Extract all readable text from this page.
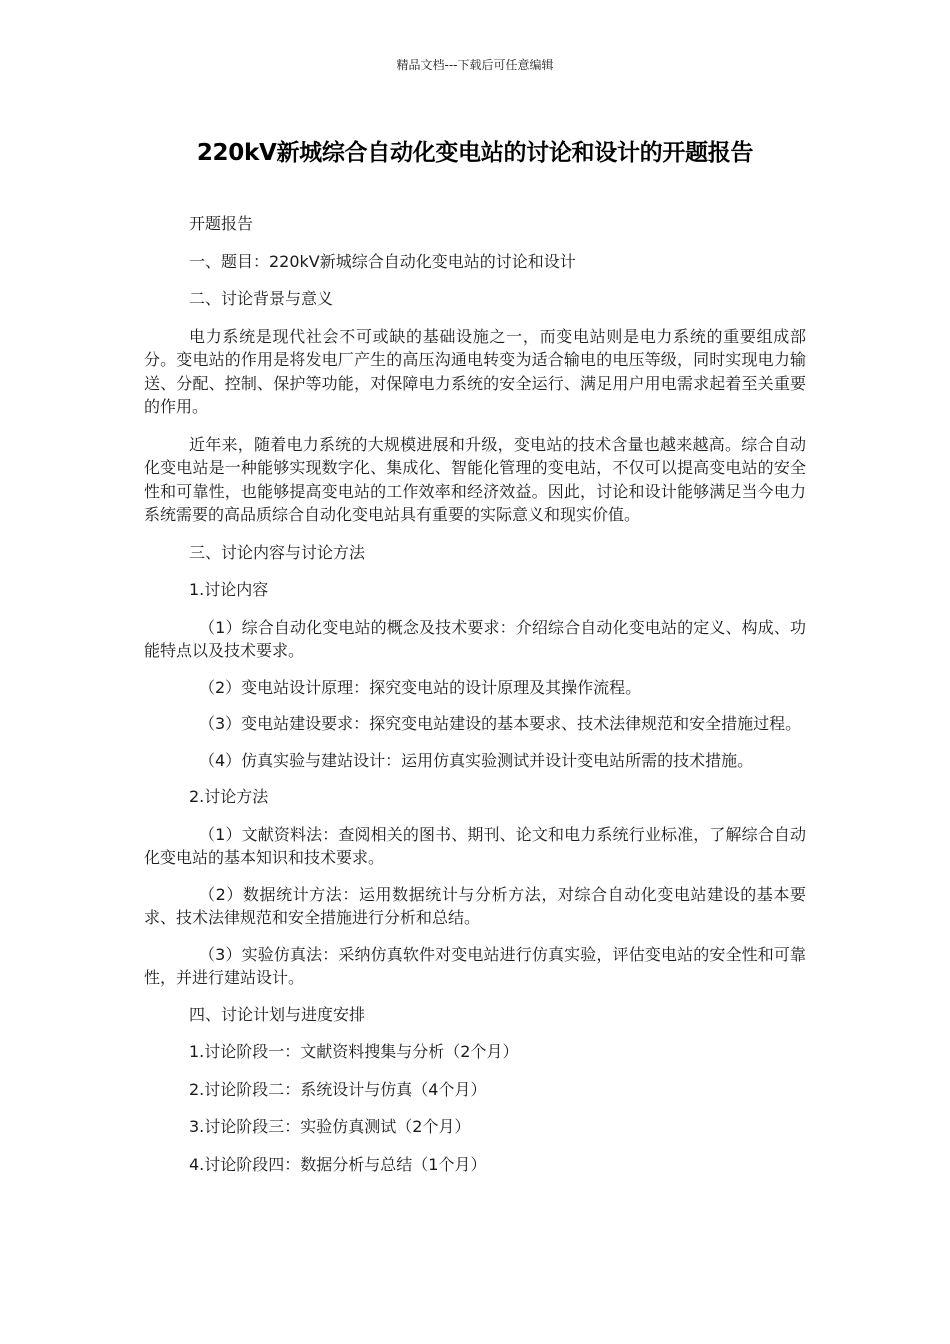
精品文档---下载后可任意编辑
220kV新城综合自动化变电站的讨论和设计的开题报告

开题报告

一、题目：220kV新城综合自动化变电站的讨论和设计

二、讨论背景与意义

电力系统是现代社会不可或缺的基础设施之一，而变电站则是电力系统的重要组成部分。变电站的作用是将发电厂产生的高压沟通电转变为适合输电的电压等级，同时实现电力输送、分配、控制、保护等功能，对保障电力系统的安全运行、满足用户用电需求起着至关重要的作用。

近年来，随着电力系统的大规模进展和升级，变电站的技术含量也越来越高。综合自动化变电站是一种能够实现数字化、集成化、智能化管理的变电站，不仅可以提高变电站的安全性和可靠性，也能够提高变电站的工作效率和经济效益。因此，讨论和设计能够满足当今电力系统需要的高品质综合自动化变电站具有重要的实际意义和现实价值。

三、讨论内容与讨论方法

1.讨论内容

（1）综合自动化变电站的概念及技术要求：介绍综合自动化变电站的定义、构成、功能特点以及技术要求。

（2）变电站设计原理：探究变电站的设计原理及其操作流程。

（3）变电站建设要求：探究变电站建设的基本要求、技术法律规范和安全措施过程。

（4）仿真实验与建站设计：运用仿真实验测试并设计变电站所需的技术措施。

2.讨论方法

（1）文献资料法：查阅相关的图书、期刊、论文和电力系统行业标准，了解综合自动化变电站的基本知识和技术要求。

（2）数据统计方法：运用数据统计与分析方法，对综合自动化变电站建设的基本要求、技术法律规范和安全措施进行分析和总结。

（3）实验仿真法：采纳仿真软件对变电站进行仿真实验，评估变电站的安全性和可靠性，并进行建站设计。

四、讨论计划与进度安排

1.讨论阶段一：文献资料搜集与分析（2个月）

2.讨论阶段二：系统设计与仿真（4个月）

3.讨论阶段三：实验仿真测试（2个月）

4.讨论阶段四：数据分析与总结（1个月）
